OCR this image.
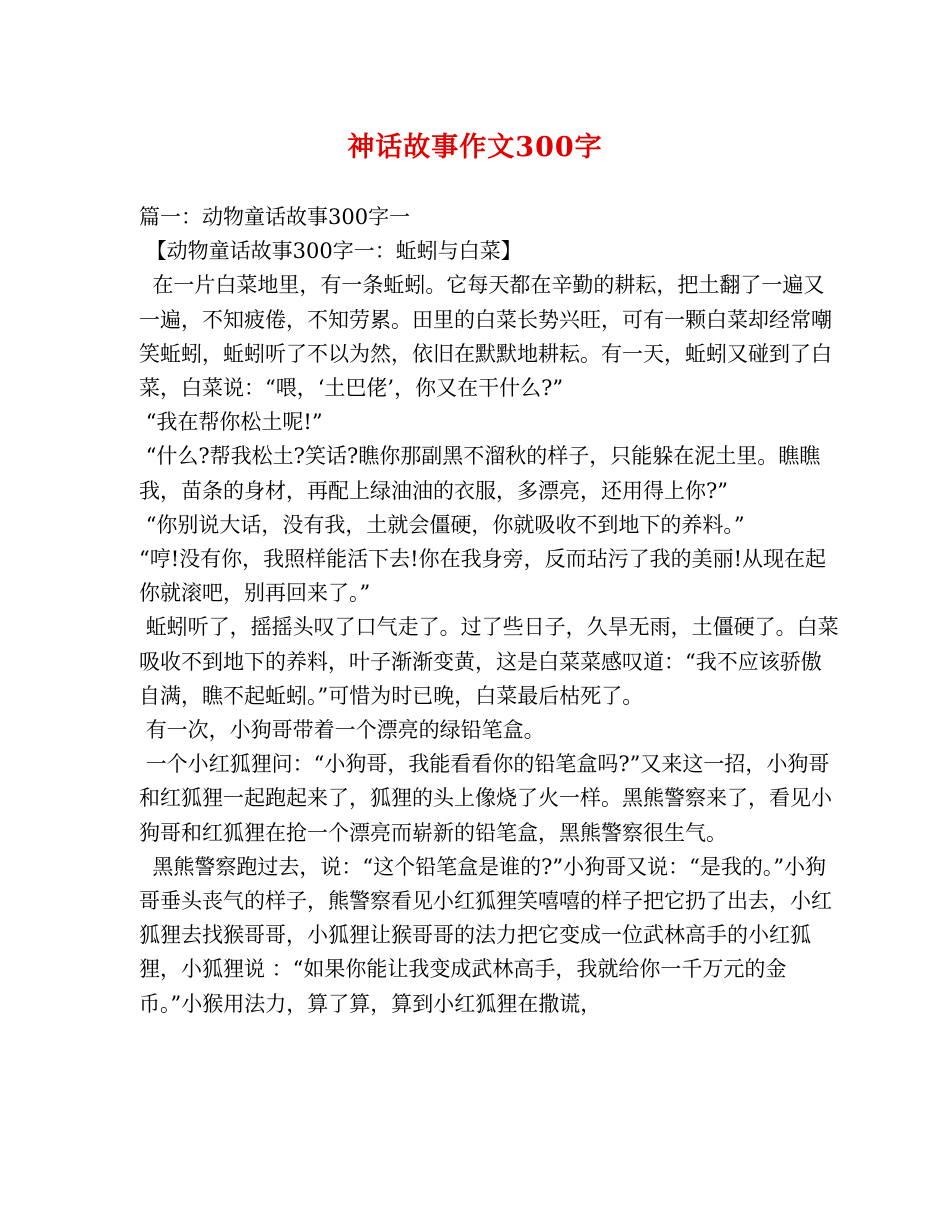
神话故事作文300字

篇一：动物童话故事300字一

【动物童话故事300字一：蚯蚓与白菜】

在一片白菜地里，有一条蚯蚓。它每天都在辛勤的耕耘，把土翻了一遍又一遍，不知疲倦，不知劳累。田里的白菜长势兴旺，可有一颗白菜却经常嘲笑蚯蚓，蚯蚓听了不以为然，依旧在默默地耕耘。有一天，蚯蚓又碰到了白菜，白菜说：“喂，‘土巴佬’，你又在干什么?”

“我在帮你松土呢!”

“什么?帮我松土?笑话?瞧你那副黑不溜秋的样子，只能躲在泥土里。瞧瞧我，苗条的身材，再配上绿油油的衣服，多漂亮，还用得上你?”

“你别说大话，没有我，土就会僵硬，你就吸收不到地下的养料。”

“哼!没有你，我照样能活下去!你在我身旁，反而玷污了我的美丽!从现在起你就滚吧，别再回来了。”

蚯蚓听了，摇摇头叹了口气走了。过了些日子，久旱无雨，土僵硬了。白菜吸收不到地下的养料，叶子渐渐变黄，这是白菜菜感叹道：“我不应该骄傲自满，瞧不起蚯蚓。”可惜为时已晚，白菜最后枯死了。

有一次，小狗哥带着一个漂亮的绿铅笔盒。

一个小红狐狸问：“小狗哥，我能看看你的铅笔盒吗?”又来这一招，小狗哥和红狐狸一起跑起来了，狐狸的头上像烧了火一样。黑熊警察来了，看见小狗哥和红狐狸在抢一个漂亮而崭新的铅笔盒，黑熊警察很生气。

黑熊警察跑过去，说：“这个铅笔盒是谁的?”小狗哥又说：“是我的。”小狗哥垂头丧气的样子，熊警察看见小红狐狸笑嘻嘻的样子把它扔了出去，小红狐狸去找猴哥哥，小狐狸让猴哥哥的法力把它变成一位武林高手的小红狐狸，小狐狸说 ：“如果你能让我变成武林高手，我就给你一千万元的金币。”小猴用法力，算了算，算到小红狐狸在撒谎，
